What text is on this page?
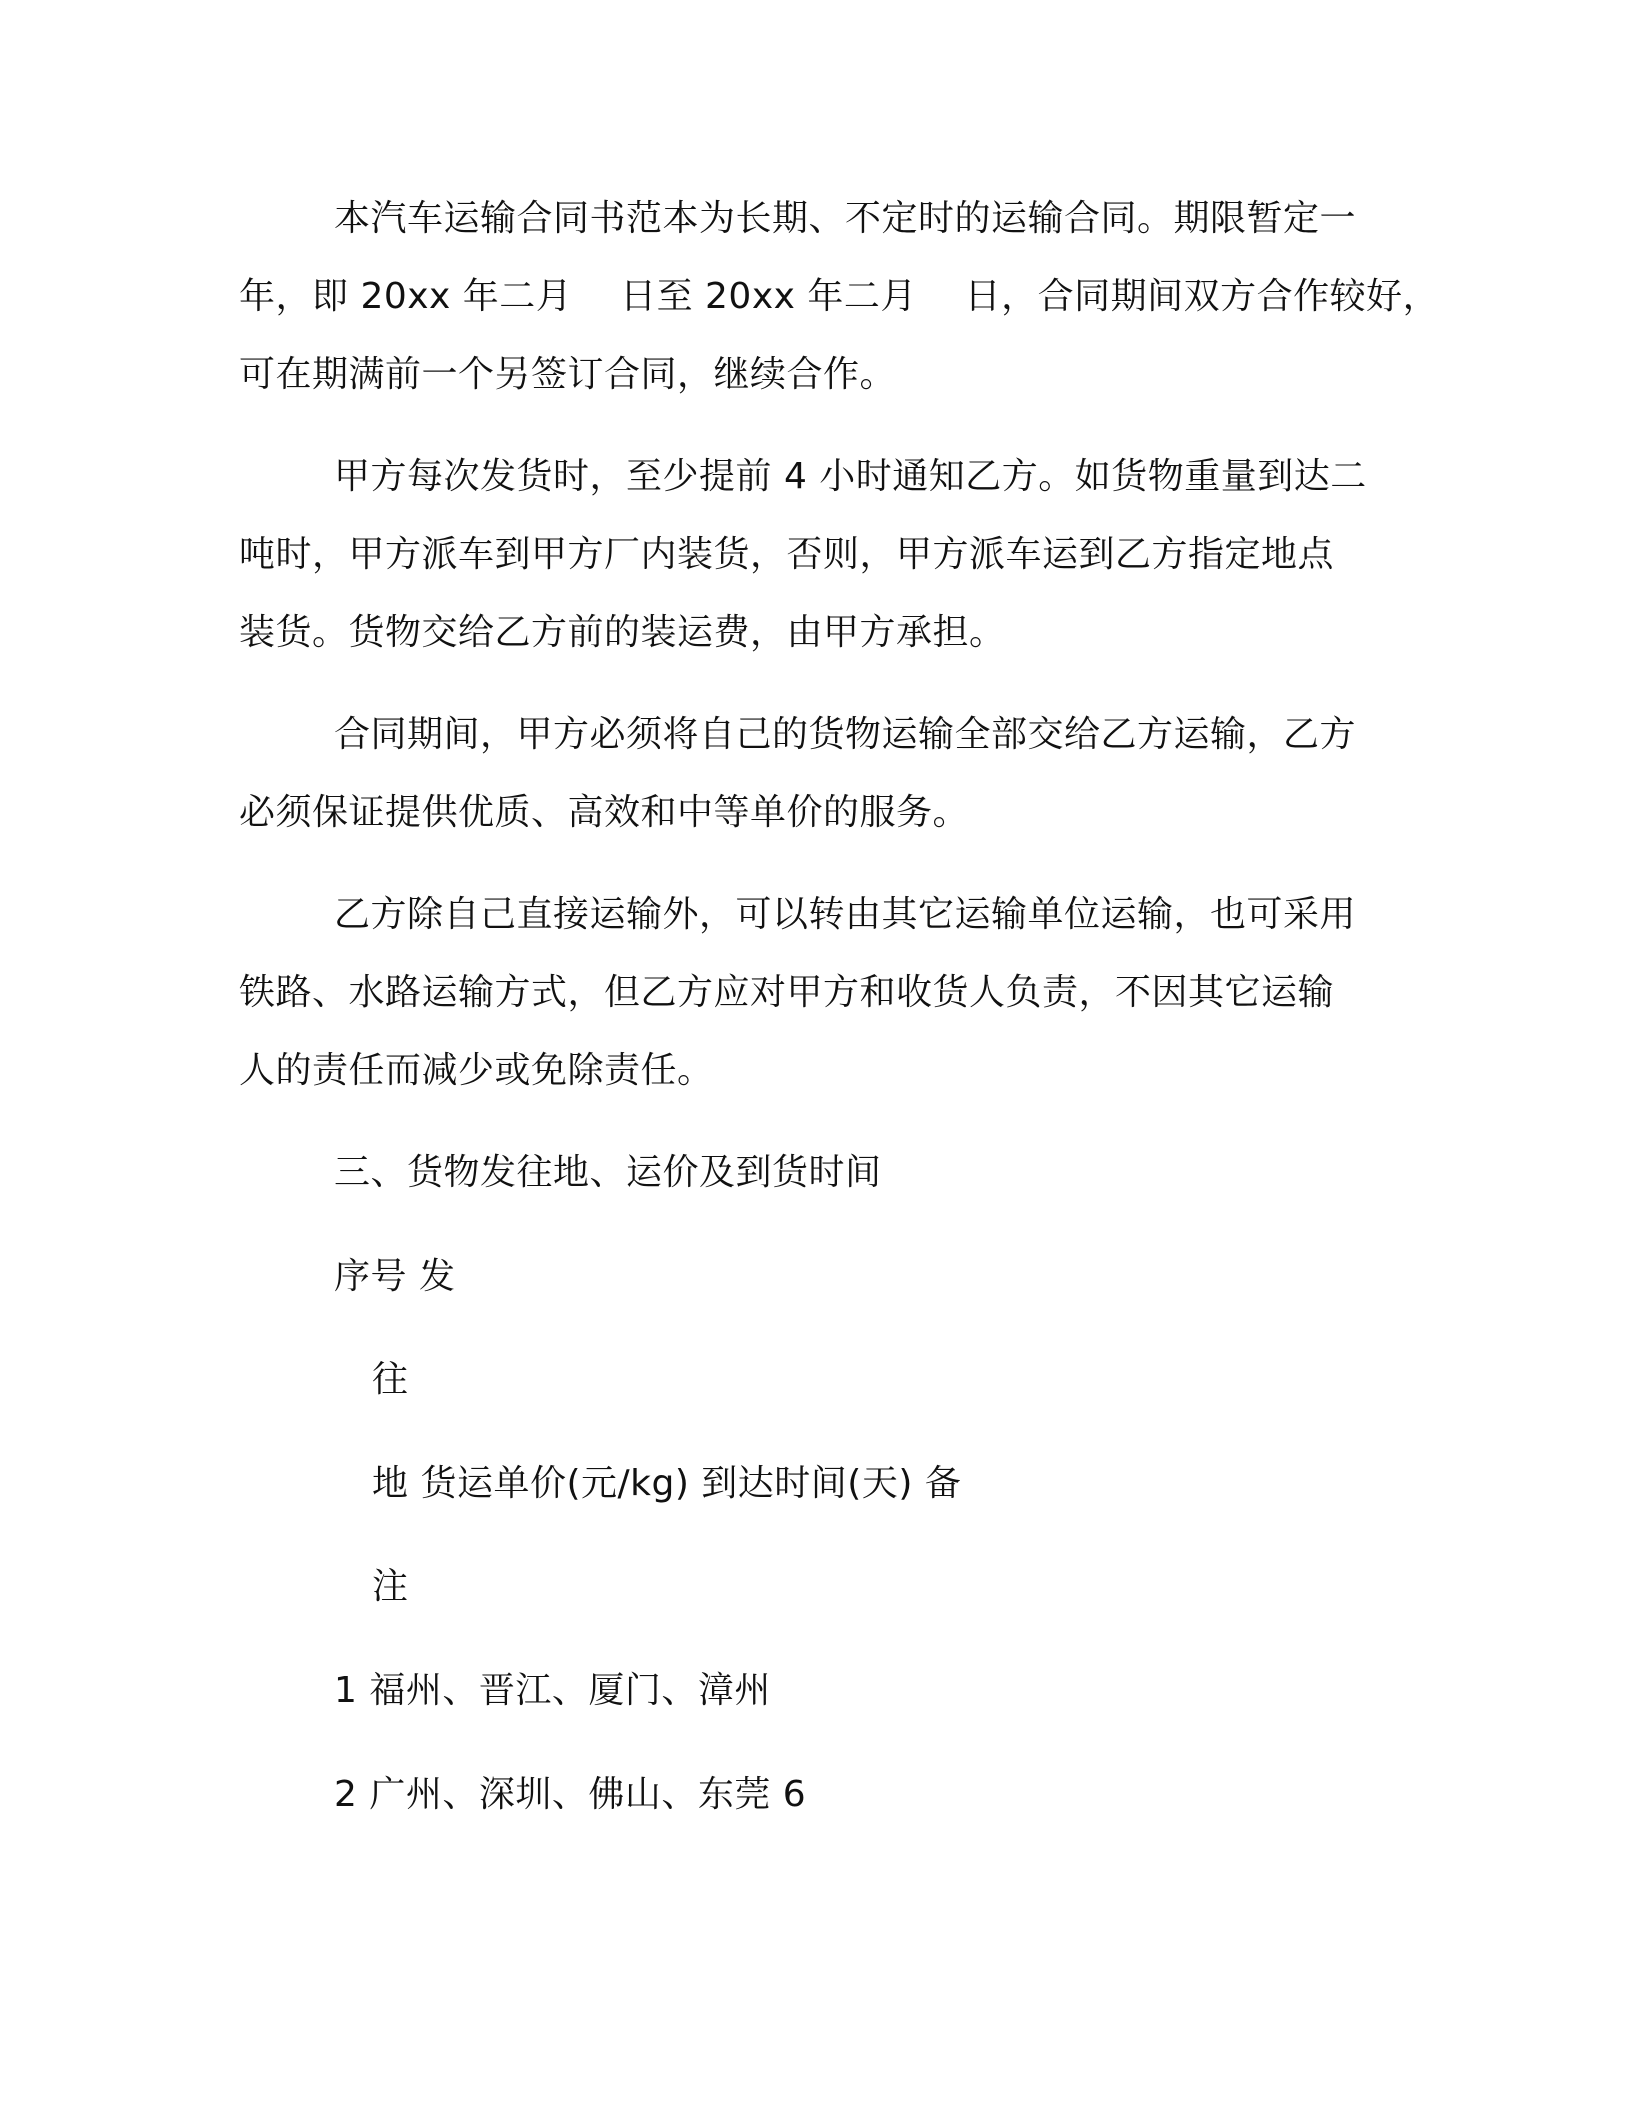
本汽车运输合同书范本为长期、不定时的运输合同。期限暂定一
年，即 20xx 年二月    日至 20xx 年二月    日，合同期间双方合作较好，
可在期满前一个另签订合同，继续合作。
甲方每次发货时，至少提前 4 小时通知乙方。如货物重量到达二
吨时，甲方派车到甲方厂内装货，否则，甲方派车运到乙方指定地点
装货。货物交给乙方前的装运费，由甲方承担。
合同期间，甲方必须将自己的货物运输全部交给乙方运输，乙方
必须保证提供优质、高效和中等单价的服务。
乙方除自己直接运输外，可以转由其它运输单位运输，也可采用
铁路、水路运输方式，但乙方应对甲方和收货人负责，不因其它运输
人的责任而减少或免除责任。
三、货物发往地、运价及到货时间
序号 发
往
地 货运单价(元/kg) 到达时间(天) 备
注
1 福州、晋江、厦门、漳州
2 广州、深圳、佛山、东莞 6
